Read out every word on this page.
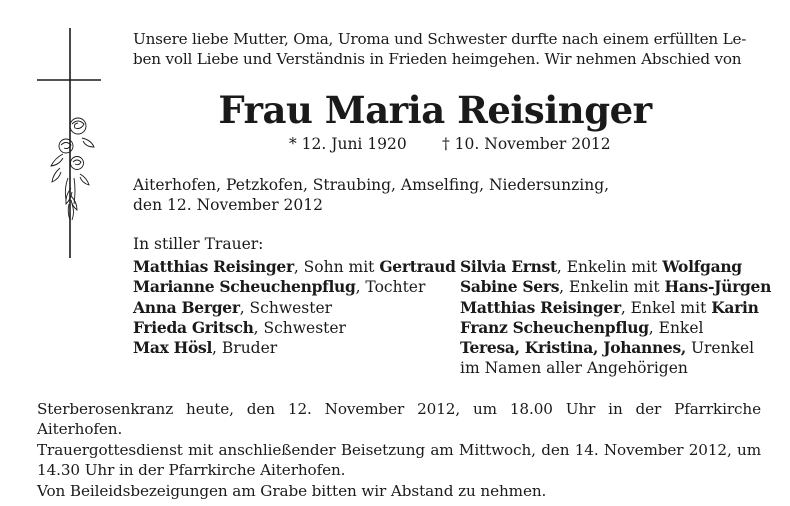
Unsere liebe Mutter, Oma, Uroma und Schwester durfte nach einem erfüllten Le-
ben voll Liebe und Verständnis in Frieden heimgehen. Wir nehmen Abschied von
Frau Maria Reisinger
* 12. Juni 1920 † 10. November 2012
Aiterhofen, Petzkofen, Straubing, Amselfing, Niedersunzing,
den 12. November 2012
In stiller Trauer:
Matthias Reisinger, Sohn mit Gertraud
Marianne Scheuchenpflug, Tochter
Anna Berger, Schwester
Frieda Gritsch, Schwester
Max Hösl, Bruder
Silvia Ernst, Enkelin mit Wolfgang
Sabine Sers, Enkelin mit Hans-Jürgen
Matthias Reisinger, Enkel mit Karin
Franz Scheuchenpflug, Enkel
Teresa, Kristina, Johannes, Urenkel
im Namen aller Angehörigen

Sterberosenkranz heute, den 12. November 2012, um 18.00 Uhr in der Pfarrkirche Aiterhofen.

Trauergottesdienst mit anschließender Beisetzung am Mittwoch, den 14. November 2012, um 14.30 Uhr in der Pfarrkirche Aiterhofen.

Von Beileidsbezeigungen am Grabe bitten wir Abstand zu nehmen.
